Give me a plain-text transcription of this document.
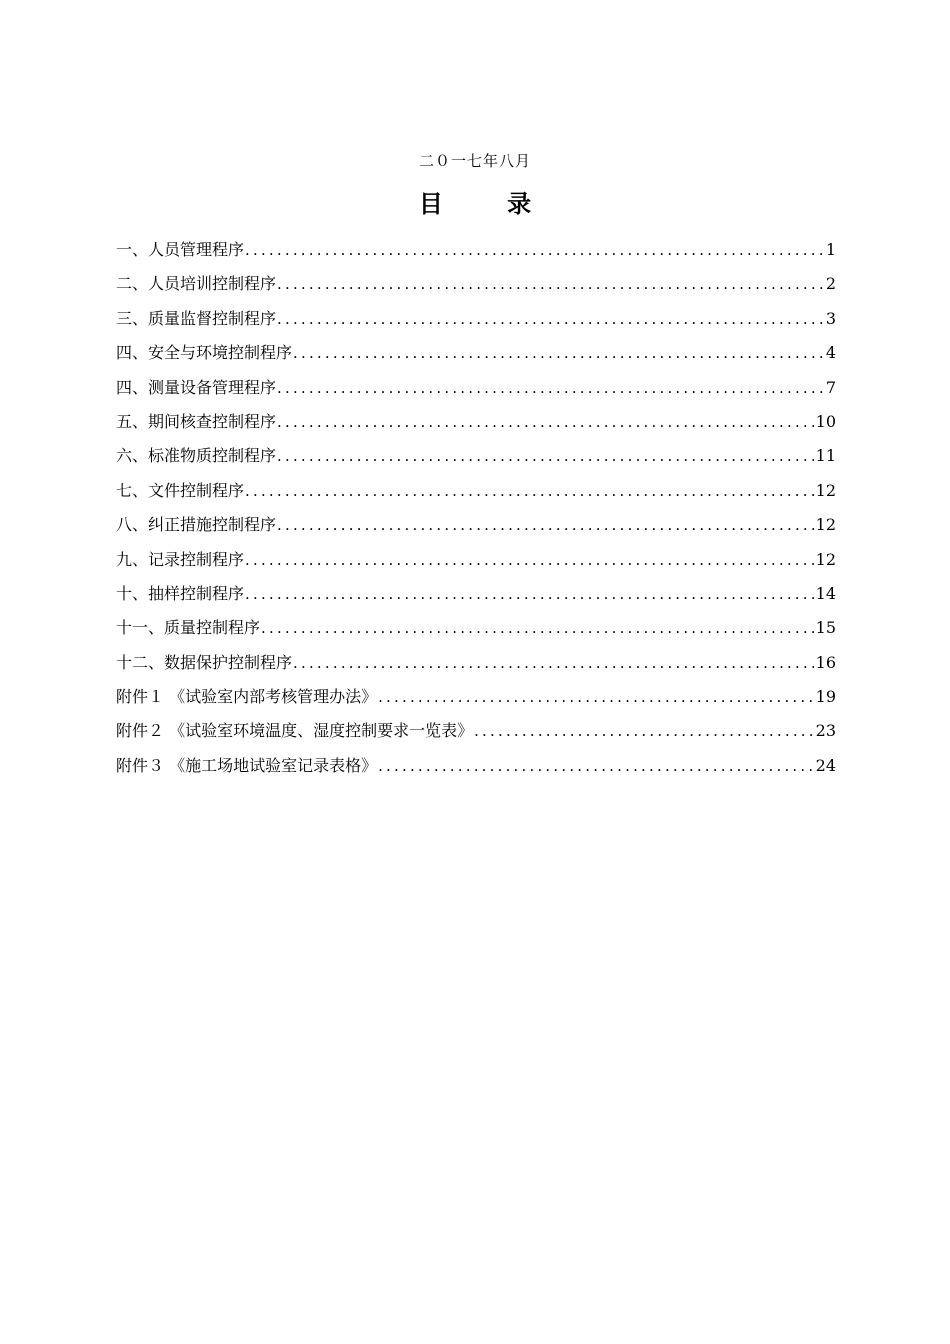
二０一七年八月
目 录
一、人员管理程序 .....	1
二、人员培训控制程序 .....	2
三、质量监督控制程序 .....	3
四、安全与环境控制程序 .....	4
四、测量设备管理程序 .....	7
五、期间核查控制程序 .....	10
六、标准物质控制程序 .....	11
七、文件控制程序 .....	12
八、纠正措施控制程序 .....	12
九、记录控制程序 .....	12
十、抽样控制程序 .....	14
十一、质量控制程序 .....	15
十二、数据保护控制程序 .....	16
附件１ 《试验室内部考核管理办法》 .....	19
附件２ 《试验室环境温度、湿度控制要求一览表》 .....	23
附件３ 《施工场地试验室记录表格》 .....	24
